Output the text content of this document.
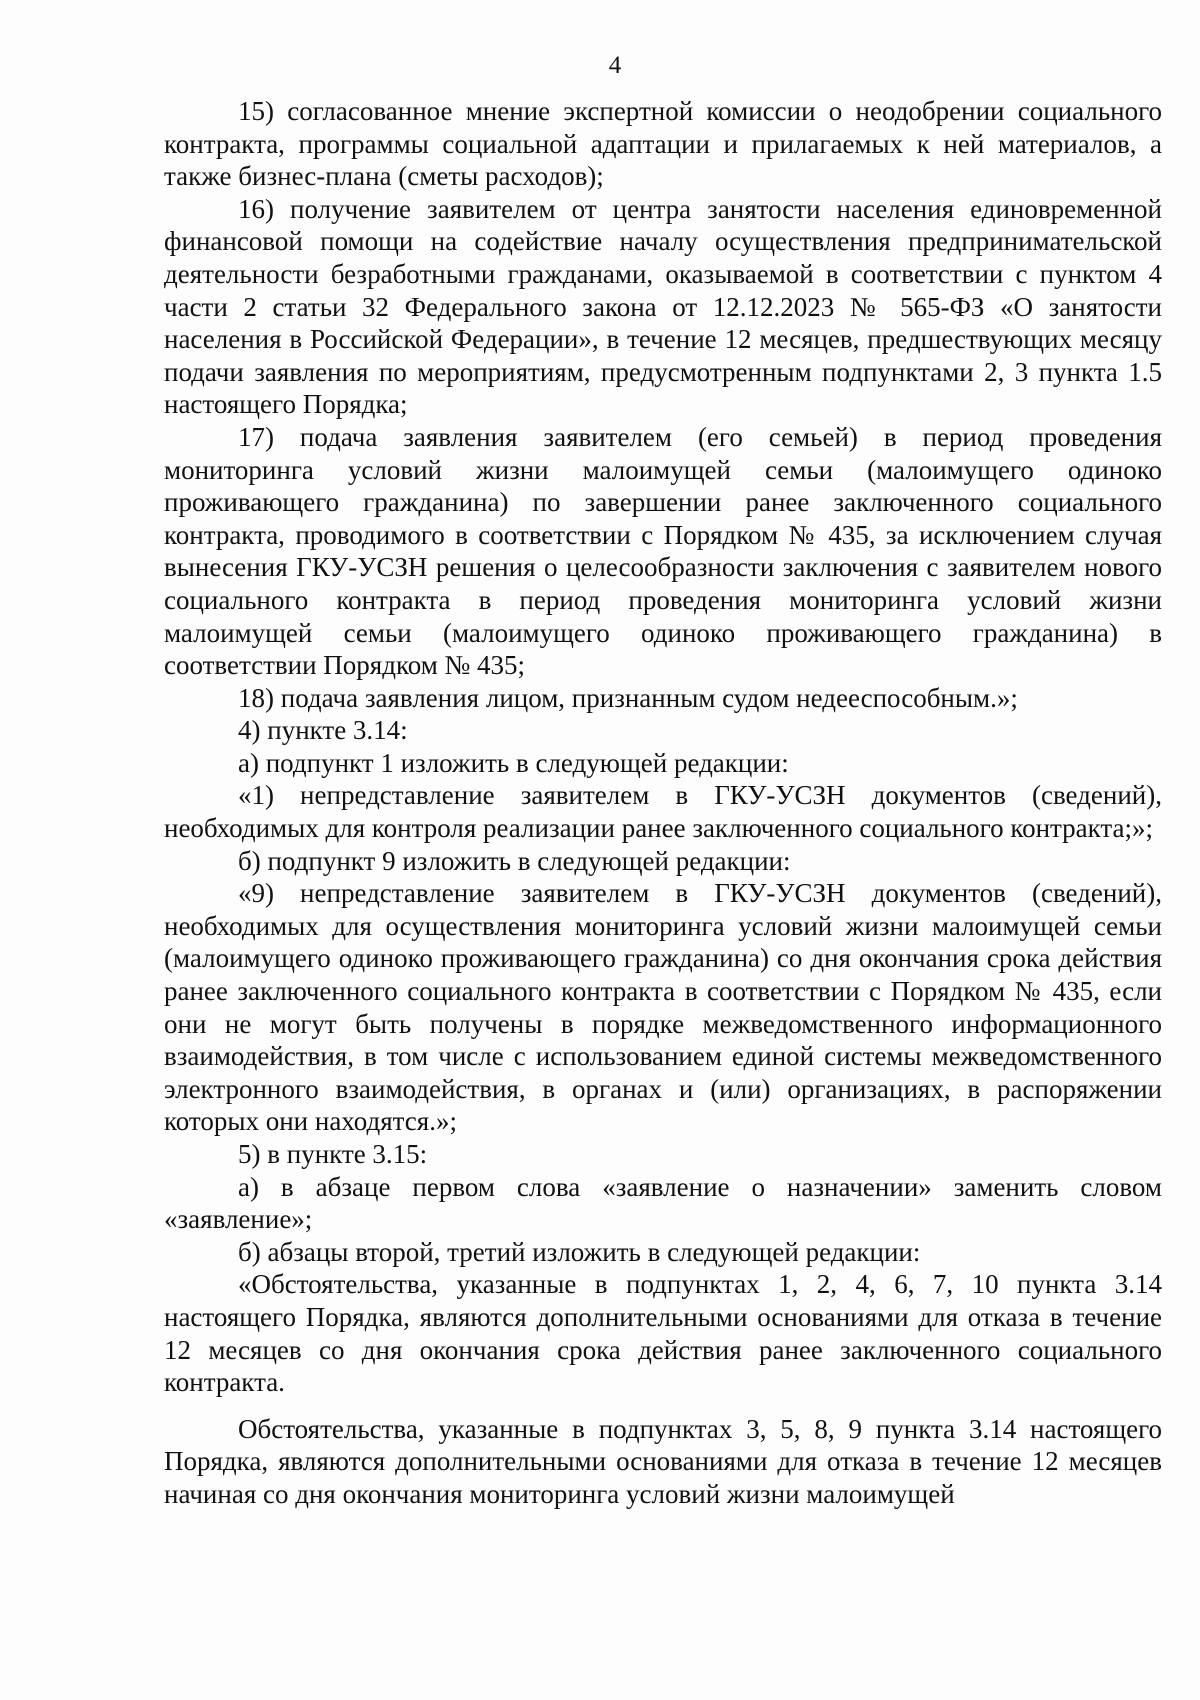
4

15) согласованное мнение экспертной комиссии о неодобрении социального контракта, программы социальной адаптации и прилагаемых к ней материалов, а также бизнес-плана (сметы расходов);

16) получение заявителем от центра занятости населения единовременной финансовой помощи на содействие началу осуществления предпринимательской деятельности безработными гражданами, оказываемой в соответствии с пунктом 4 части 2 статьи 32 Федерального закона от 12.12.2023 № 565-ФЗ «О занятости населения в Российской Федерации», в течение 12 месяцев, предшествующих месяцу подачи заявления по мероприятиям, предусмотренным подпунктами 2, 3 пункта 1.5 настоящего Порядка;

17) подача заявления заявителем (его семьей) в период проведения мониторинга условий жизни малоимущей семьи (малоимущего одиноко проживающего гражданина) по завершении ранее заключенного социального контракта, проводимого в соответствии с Порядком № 435, за исключением случая вынесения ГКУ-УСЗН решения о целесообразности заключения с заявителем нового социального контракта в период проведения мониторинга условий жизни малоимущей семьи (малоимущего одиноко проживающего гражданина) в соответствии Порядком № 435;

18) подача заявления лицом, признанным судом недееспособным.»;

4) пункте 3.14:

а) подпункт 1 изложить в следующей редакции:

«1) непредставление заявителем в ГКУ-УСЗН документов (сведений), необходимых для контроля реализации ранее заключенного социального контракта;»;

б) подпункт 9 изложить в следующей редакции:

«9) непредставление заявителем в ГКУ-УСЗН документов (сведений), необходимых для осуществления мониторинга условий жизни малоимущей семьи (малоимущего одиноко проживающего гражданина) со дня окончания срока действия ранее заключенного социального контракта в соответствии с Порядком № 435, если они не могут быть получены в порядке межведомственного информационного взаимодействия, в том числе с использованием единой системы межведомственного электронного взаимодействия, в органах и (или) организациях, в распоряжении которых они находятся.»;

5) в пункте 3.15:

а) в абзаце первом слова «заявление о назначении» заменить словом «заявление»;

б) абзацы второй, третий изложить в следующей редакции:

«Обстоятельства, указанные в подпунктах 1, 2, 4, 6, 7, 10 пункта 3.14 настоящего Порядка, являются дополнительными основаниями для отказа в течение 12 месяцев со дня окончания срока действия ранее заключенного социального контракта.

Обстоятельства, указанные в подпунктах 3, 5, 8, 9 пункта 3.14 настоящего Порядка, являются дополнительными основаниями для отказа в течение 12 месяцев начиная со дня окончания мониторинга условий жизни малоимущей
